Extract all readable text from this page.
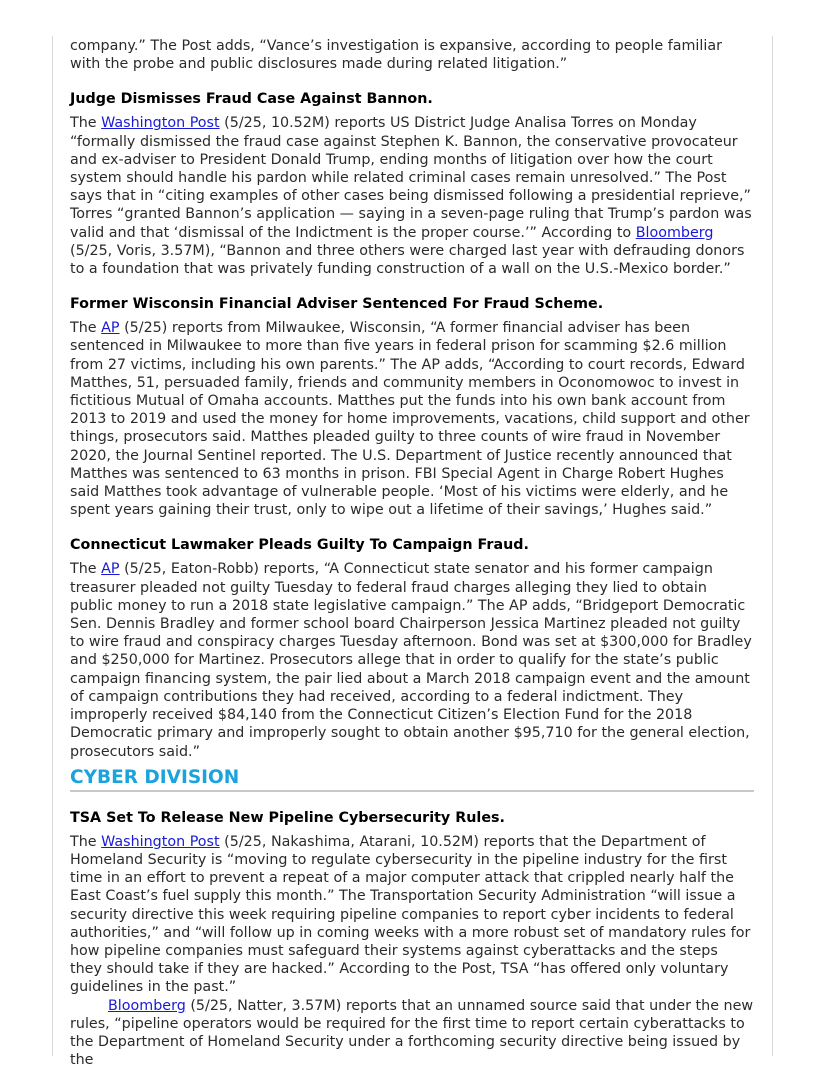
company.” The Post adds, “Vance’s investigation is expansive, according to people familiar with the probe and public disclosures made during related litigation.”

Judge Dismisses Fraud Case Against Bannon.

The Washington Post (5/25, 10.52M) reports US District Judge Analisa Torres on Monday “formally dismissed the fraud case against Stephen K. Bannon, the conservative provocateur and ex-adviser to President Donald Trump, ending months of litigation over how the court system should handle his pardon while related criminal cases remain unresolved.” The Post says that in “citing examples of other cases being dismissed following a presidential reprieve,” Torres “granted Bannon’s application — saying in a seven-page ruling that Trump’s pardon was valid and that ‘dismissal of the Indictment is the proper course.’” According to Bloomberg (5/25, Voris, 3.57M), “Bannon and three others were charged last year with defrauding donors to a foundation that was privately funding construction of a wall on the U.S.-Mexico border.”

Former Wisconsin Financial Adviser Sentenced For Fraud Scheme.

The AP (5/25) reports from Milwaukee, Wisconsin, “A former financial adviser has been sentenced in Milwaukee to more than five years in federal prison for scamming $2.6 million from 27 victims, including his own parents.” The AP adds, “According to court records, Edward Matthes, 51, persuaded family, friends and community members in Oconomowoc to invest in fictitious Mutual of Omaha accounts. Matthes put the funds into his own bank account from 2013 to 2019 and used the money for home improvements, vacations, child support and other things, prosecutors said. Matthes pleaded guilty to three counts of wire fraud in November 2020, the Journal Sentinel reported. The U.S. Department of Justice recently announced that Matthes was sentenced to 63 months in prison. FBI Special Agent in Charge Robert Hughes said Matthes took advantage of vulnerable people. ‘Most of his victims were elderly, and he spent years gaining their trust, only to wipe out a lifetime of their savings,’ Hughes said.”

Connecticut Lawmaker Pleads Guilty To Campaign Fraud.

The AP (5/25, Eaton-Robb) reports, “A Connecticut state senator and his former campaign treasurer pleaded not guilty Tuesday to federal fraud charges alleging they lied to obtain public money to run a 2018 state legislative campaign.” The AP adds, “Bridgeport Democratic Sen. Dennis Bradley and former school board Chairperson Jessica Martinez pleaded not guilty to wire fraud and conspiracy charges Tuesday afternoon. Bond was set at $300,000 for Bradley and $250,000 for Martinez. Prosecutors allege that in order to qualify for the state’s public campaign financing system, the pair lied about a March 2018 campaign event and the amount of campaign contributions they had received, according to a federal indictment. They improperly received $84,140 from the Connecticut Citizen’s Election Fund for the 2018 Democratic primary and improperly sought to obtain another $95,710 for the general election, prosecutors said.”

CYBER DIVISION
TSA Set To Release New Pipeline Cybersecurity Rules.

The Washington Post (5/25, Nakashima, Atarani, 10.52M) reports that the Department of Homeland Security is “moving to regulate cybersecurity in the pipeline industry for the first time in an effort to prevent a repeat of a major computer attack that crippled nearly half the East Coast’s fuel supply this month.” The Transportation Security Administration “will issue a security directive this week requiring pipeline companies to report cyber incidents to federal authorities,” and “will follow up in coming weeks with a more robust set of mandatory rules for how pipeline companies must safeguard their systems against cyberattacks and the steps they should take if they are hacked.” According to the Post, TSA “has offered only voluntary guidelines in the past.”

Bloomberg (5/25, Natter, 3.57M) reports that an unnamed source said that under the new rules, “pipeline operators would be required for the first time to report certain cyberattacks to the Department of Homeland Security under a forthcoming security directive being issued by the
